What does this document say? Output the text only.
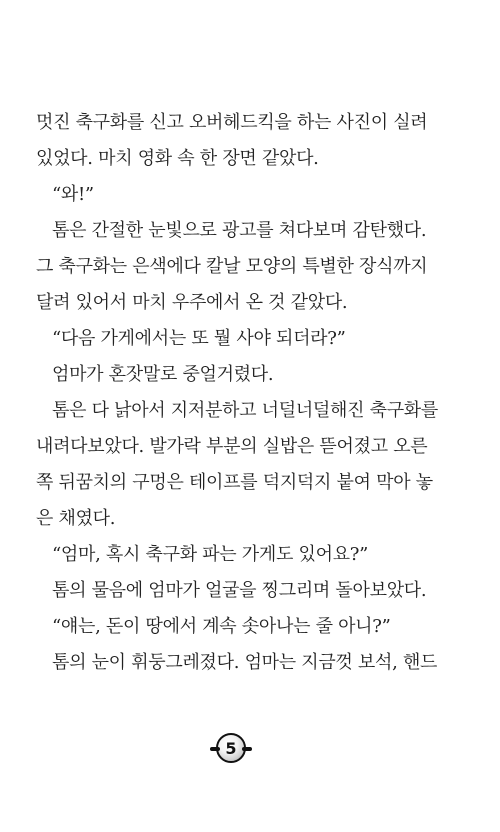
멋진 축구화를 신고 오버헤드킥을 하는 사진이 실려
있었다. 마치 영화 속 한 장면 같았다.
“와!”
톰은 간절한 눈빛으로 광고를 쳐다보며 감탄했다.
그 축구화는 은색에다 칼날 모양의 특별한 장식까지
달려 있어서 마치 우주에서 온 것 같았다.
“다음 가게에서는 또 뭘 사야 되더라?”
엄마가 혼잣말로 중얼거렸다.
톰은 다 낡아서 지저분하고 너덜너덜해진 축구화를
내려다보았다. 발가락 부분의 실밥은 뜯어졌고 오른
쪽 뒤꿈치의 구멍은 테이프를 덕지덕지 붙여 막아 놓
은 채였다.
“엄마, 혹시 축구화 파는 가게도 있어요?”
톰의 물음에 엄마가 얼굴을 찡그리며 돌아보았다.
“얘는, 돈이 땅에서 계속 솟아나는 줄 아니?”
톰의 눈이 휘둥그레졌다. 엄마는 지금껏 보석, 핸드
5
